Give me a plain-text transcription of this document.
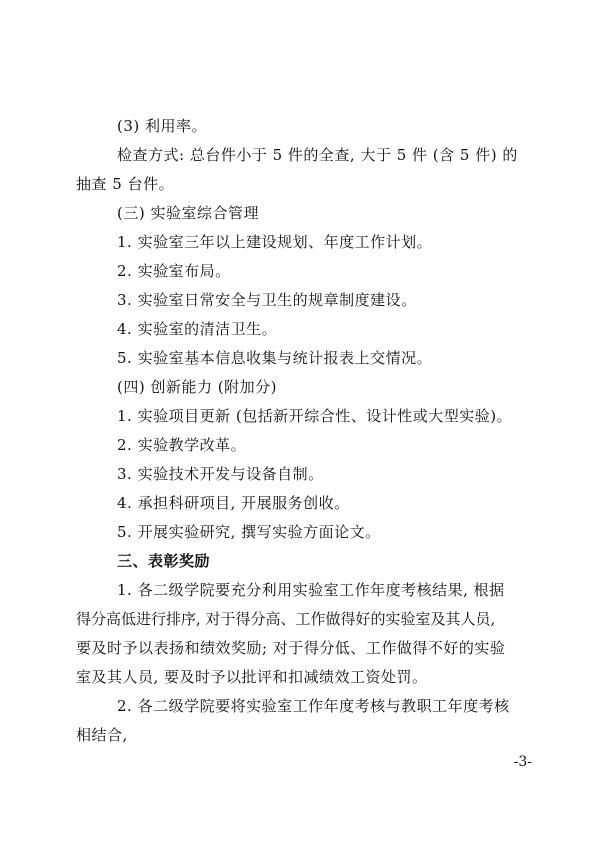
(3) 利用率。
检查方式: 总台件小于 5 件的全查, 大于 5 件 (含 5 件) 的
抽查 5 台件。
(三) 实验室综合管理
1. 实验室三年以上建设规划、年度工作计划。
2. 实验室布局。
3. 实验室日常安全与卫生的规章制度建设。
4. 实验室的清洁卫生。
5. 实验室基本信息收集与统计报表上交情况。
(四) 创新能力 (附加分)
1. 实验项目更新 (包括新开综合性、设计性或大型实验)。
2. 实验教学改革。
3. 实验技术开发与设备自制。
4. 承担科研项目, 开展服务创收。
5. 开展实验研究, 撰写实验方面论文。
三、表彰奖励
1. 各二级学院要充分利用实验室工作年度考核结果, 根据
得分高低进行排序, 对于得分高、工作做得好的实验室及其人员,
要及时予以表扬和绩效奖励; 对于得分低、工作做得不好的实验
室及其人员, 要及时予以批评和扣减绩效工资处罚。
2. 各二级学院要将实验室工作年度考核与教职工年度考核
相结合,
-3-
